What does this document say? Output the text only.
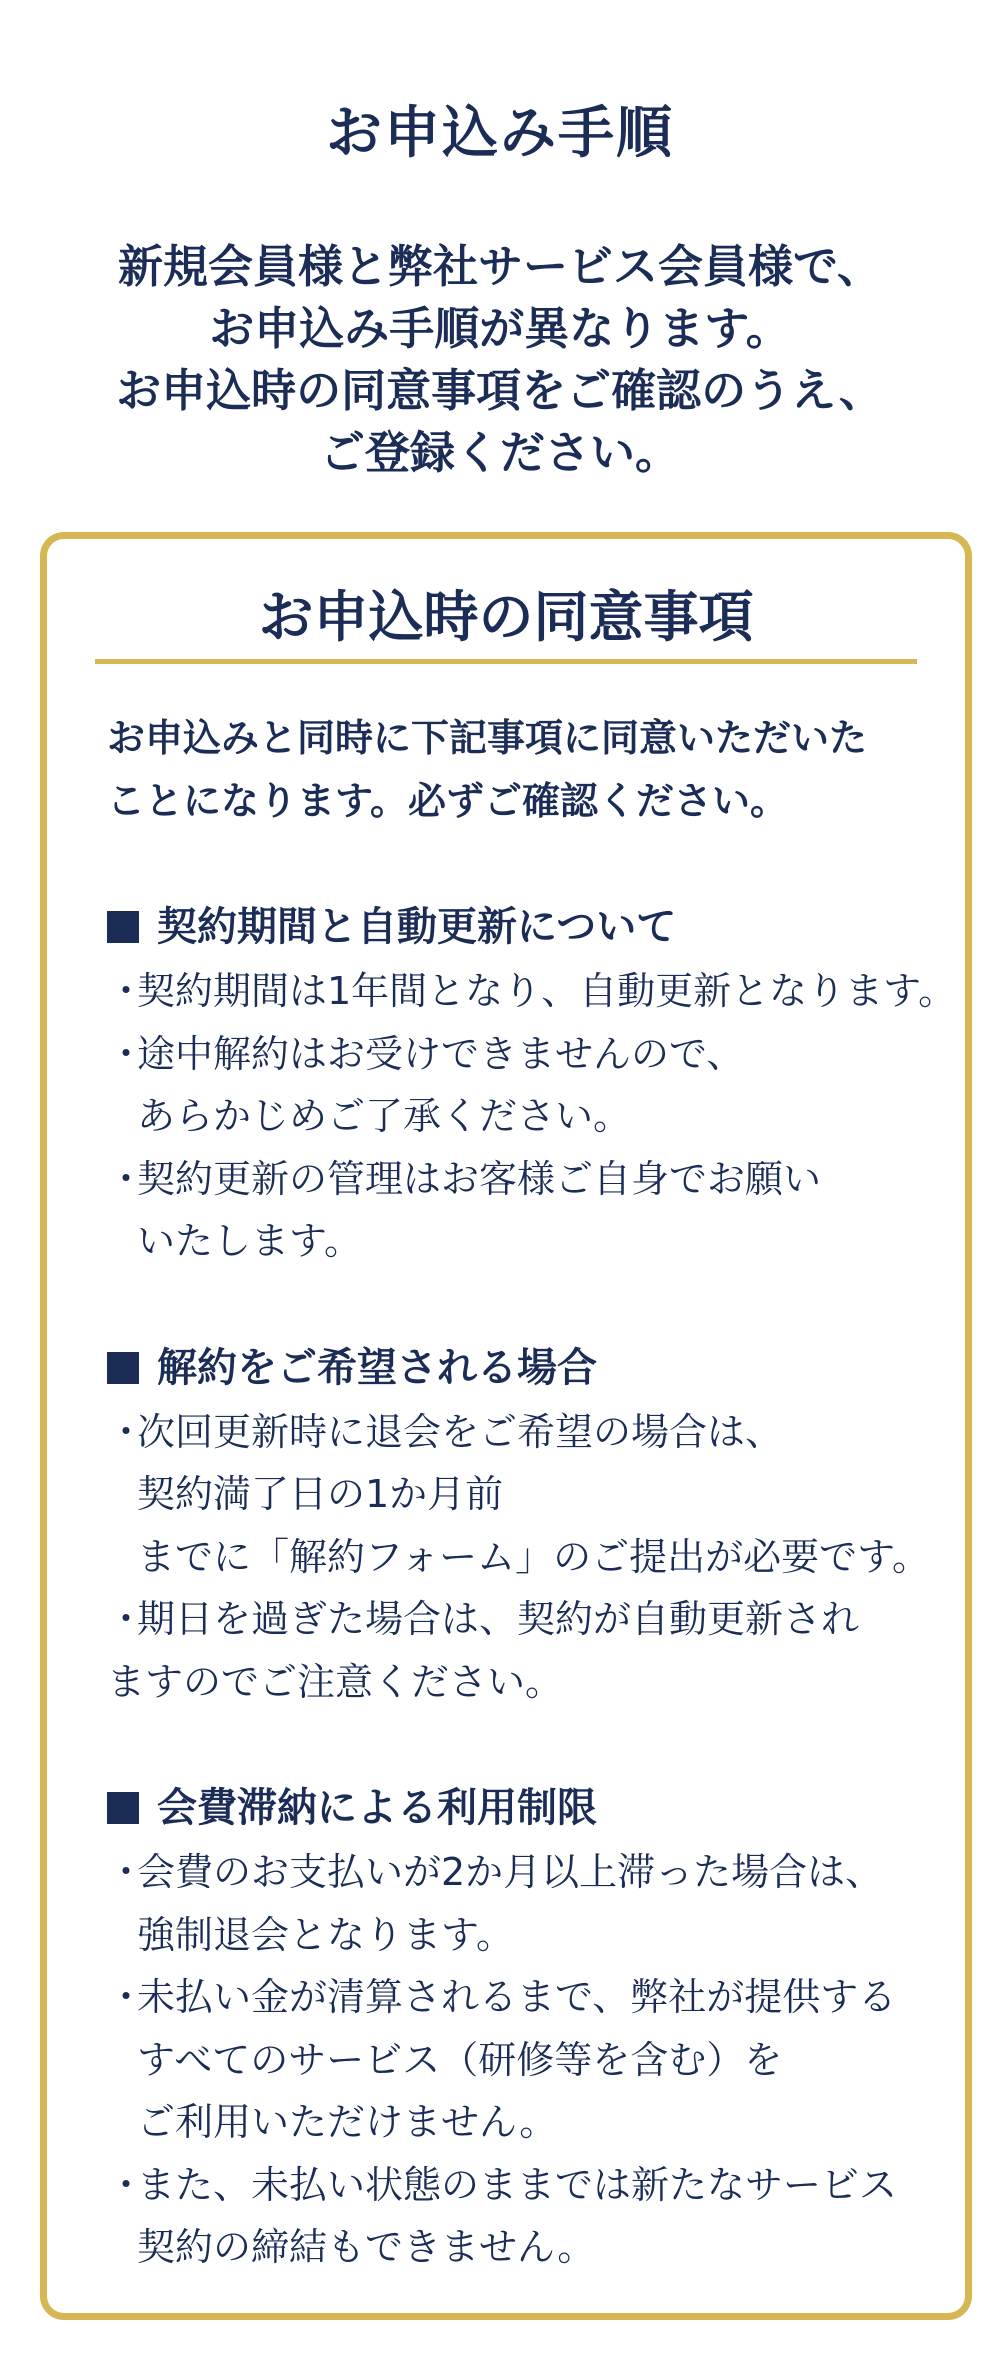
お申込み手順
新規会員様と弊社サービス会員様で、
お申込み手順が異なります。
お申込時の同意事項をご確認のうえ、
ご登録ください。
お申込時の同意事項
お申込みと同時に下記事項に同意いただいた
ことになります。必ずご確認ください。
契約期間と自動更新について
・
契約期間は1年間となり、自動更新となります。
・
途中解約はお受けできませんので、
あらかじめご了承ください。
・
契約更新の管理はお客様ご自身でお願い
いたします。
解約をご希望される場合
・
次回更新時に退会をご希望の場合は、
契約満了日の1か月前
までに「解約フォーム」のご提出が必要です。
・
期日を過ぎた場合は、契約が自動更新され
ますのでご注意ください。
会費滞納による利用制限
・
会費のお支払いが2か月以上滞った場合は、
強制退会となります。
・
未払い金が清算されるまで、弊社が提供する
すべてのサービス（研修等を含む）を
ご利用いただけません。
・
また、未払い状態のままでは新たなサービス
契約の締結もできません。
